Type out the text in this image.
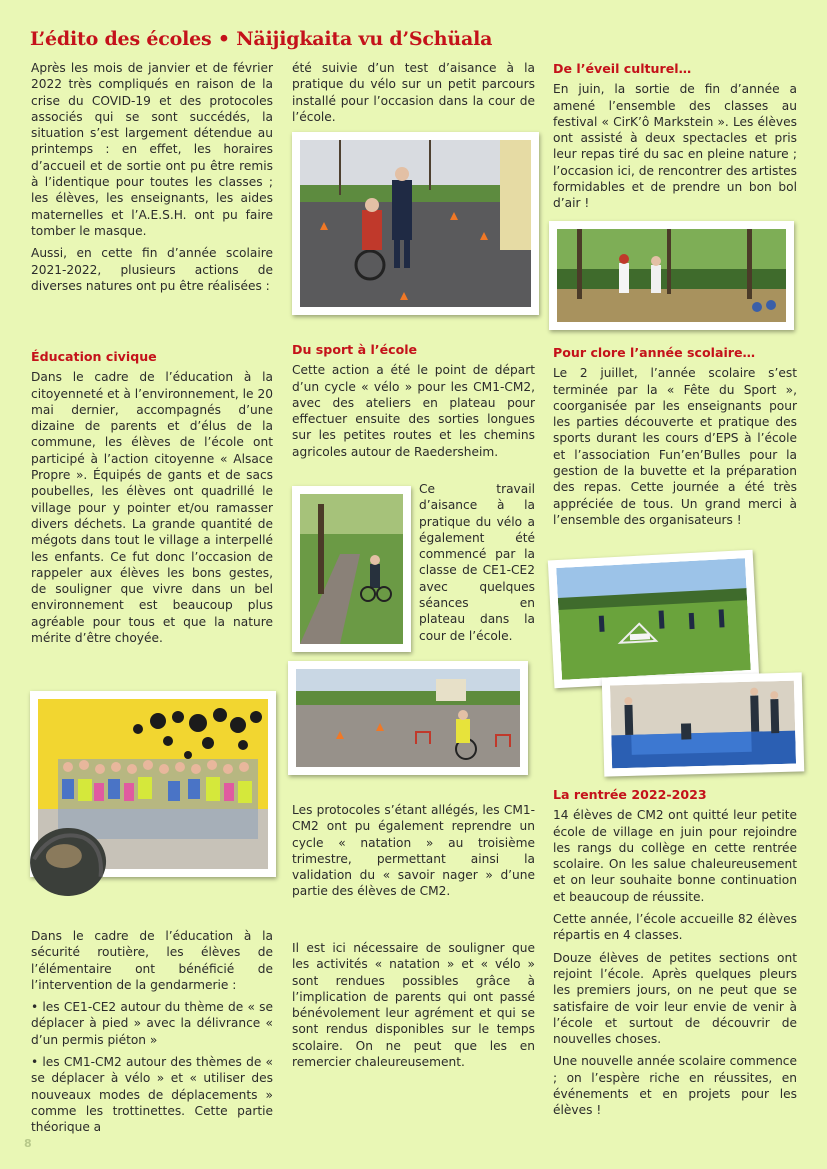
L’édito des écoles • Näijigkaita vu d’Schüala

Après les mois de janvier et de février 2022 très compliqués en raison de la crise du COVID-19 et des protocoles associés qui se sont succédés, la situation s’est largement détendue au printemps : en effet, les horaires d’accueil et de sortie ont pu être remis à l’identique pour toutes les classes ; les élèves, les enseignants, les aides maternelles et l’A.E.S.H. ont pu faire tomber le masque.

Aussi, en cette fin d’année scolaire 2021-2022, plusieurs actions de diverses natures ont pu être réalisées :

Éducation civique

Dans le cadre de l’éducation à la citoyenneté et à l’environnement, le 20 mai dernier, accompagnés d’une dizaine de parents et d’élus de la commune, les élèves de l’école ont participé à l’action citoyenne « Alsace Propre ». Équipés de gants et de sacs poubelles, les élèves ont quadrillé le village pour y pointer et/ou ramasser divers déchets. La grande quantité de mégots dans tout le village a interpellé les enfants. Ce fut donc l’occasion de rappeler aux élèves les bons gestes, de souligner que vivre dans un bel environnement est beaucoup plus agréable pour tous et que la nature mérite d’être choyée.

Dans le cadre de l’éducation à la sécurité routière, les élèves de l’élémentaire ont bénéficié de l’intervention de la gendarmerie :

• les CE1-CE2 autour du thème de « se déplacer à pied » avec la délivrance « d’un permis piéton »
• les CM1-CM2 autour des thèmes de « se déplacer à vélo » et « utiliser des nouveaux modes de déplacements » comme les trottinettes. Cette partie théorique a

été suivie d’un test d’aisance à la pratique du vélo sur un petit parcours installé pour l’occasion dans la cour de l’école.

Du sport à l’école

Cette action a été le point de départ d’un cycle « vélo » pour les CM1-CM2, avec des ateliers en plateau pour effectuer ensuite des sorties longues sur les petites routes et les chemins agricoles autour de Raedersheim.

Ce travail d’aisance à la pratique du vélo a également été commencé par la classe de CE1-CE2 avec quelques séances en plateau dans la cour de l’école.

Les protocoles s’étant allégés, les CM1-CM2 ont pu également reprendre un cycle « natation » au troisième trimestre, permettant ainsi la validation du « savoir nager » d’une partie des élèves de CM2.

Il est ici nécessaire de souligner que les activités « natation » et « vélo » sont rendues possibles grâce à l’implication de parents qui ont passé bénévolement leur agrément et qui se sont rendus disponibles sur le temps scolaire. On ne peut que les en remercier chaleureusement.

De l’éveil culturel…

En juin, la sortie de fin d’année a amené l’ensemble des classes au festival « CirK’ô Markstein ». Les élèves ont assisté à deux spectacles et pris leur repas tiré du sac en pleine nature ; l’occasion ici, de rencontrer des artistes formidables et de prendre un bon bol d’air !

Pour clore l’année scolaire…

Le 2 juillet, l’année scolaire s’est terminée par la « Fête du Sport », coorganisée par les enseignants pour les parties découverte et pratique des sports durant les cours d’EPS à l’école et l’association Fun’en’Bulles pour la gestion de la buvette et la préparation des repas. Cette journée a été très appréciée de tous. Un grand merci à l’ensemble des organisateurs !

La rentrée 2022-2023

14 élèves de CM2 ont quitté leur petite école de village en juin pour rejoindre les rangs du collège en cette rentrée scolaire. On les salue chaleureusement et on leur souhaite bonne continuation et beaucoup de réussite.

Cette année, l’école accueille 82 élèves répartis en 4 classes.

Douze élèves de petites sections ont rejoint l’école. Après quelques pleurs les premiers jours, on ne peut que se satisfaire de voir leur envie de venir à l’école et surtout de découvrir de nouvelles choses.

Une nouvelle année scolaire commence ; on l’espère riche en réussites, en événements et en projets pour les élèves !

8
